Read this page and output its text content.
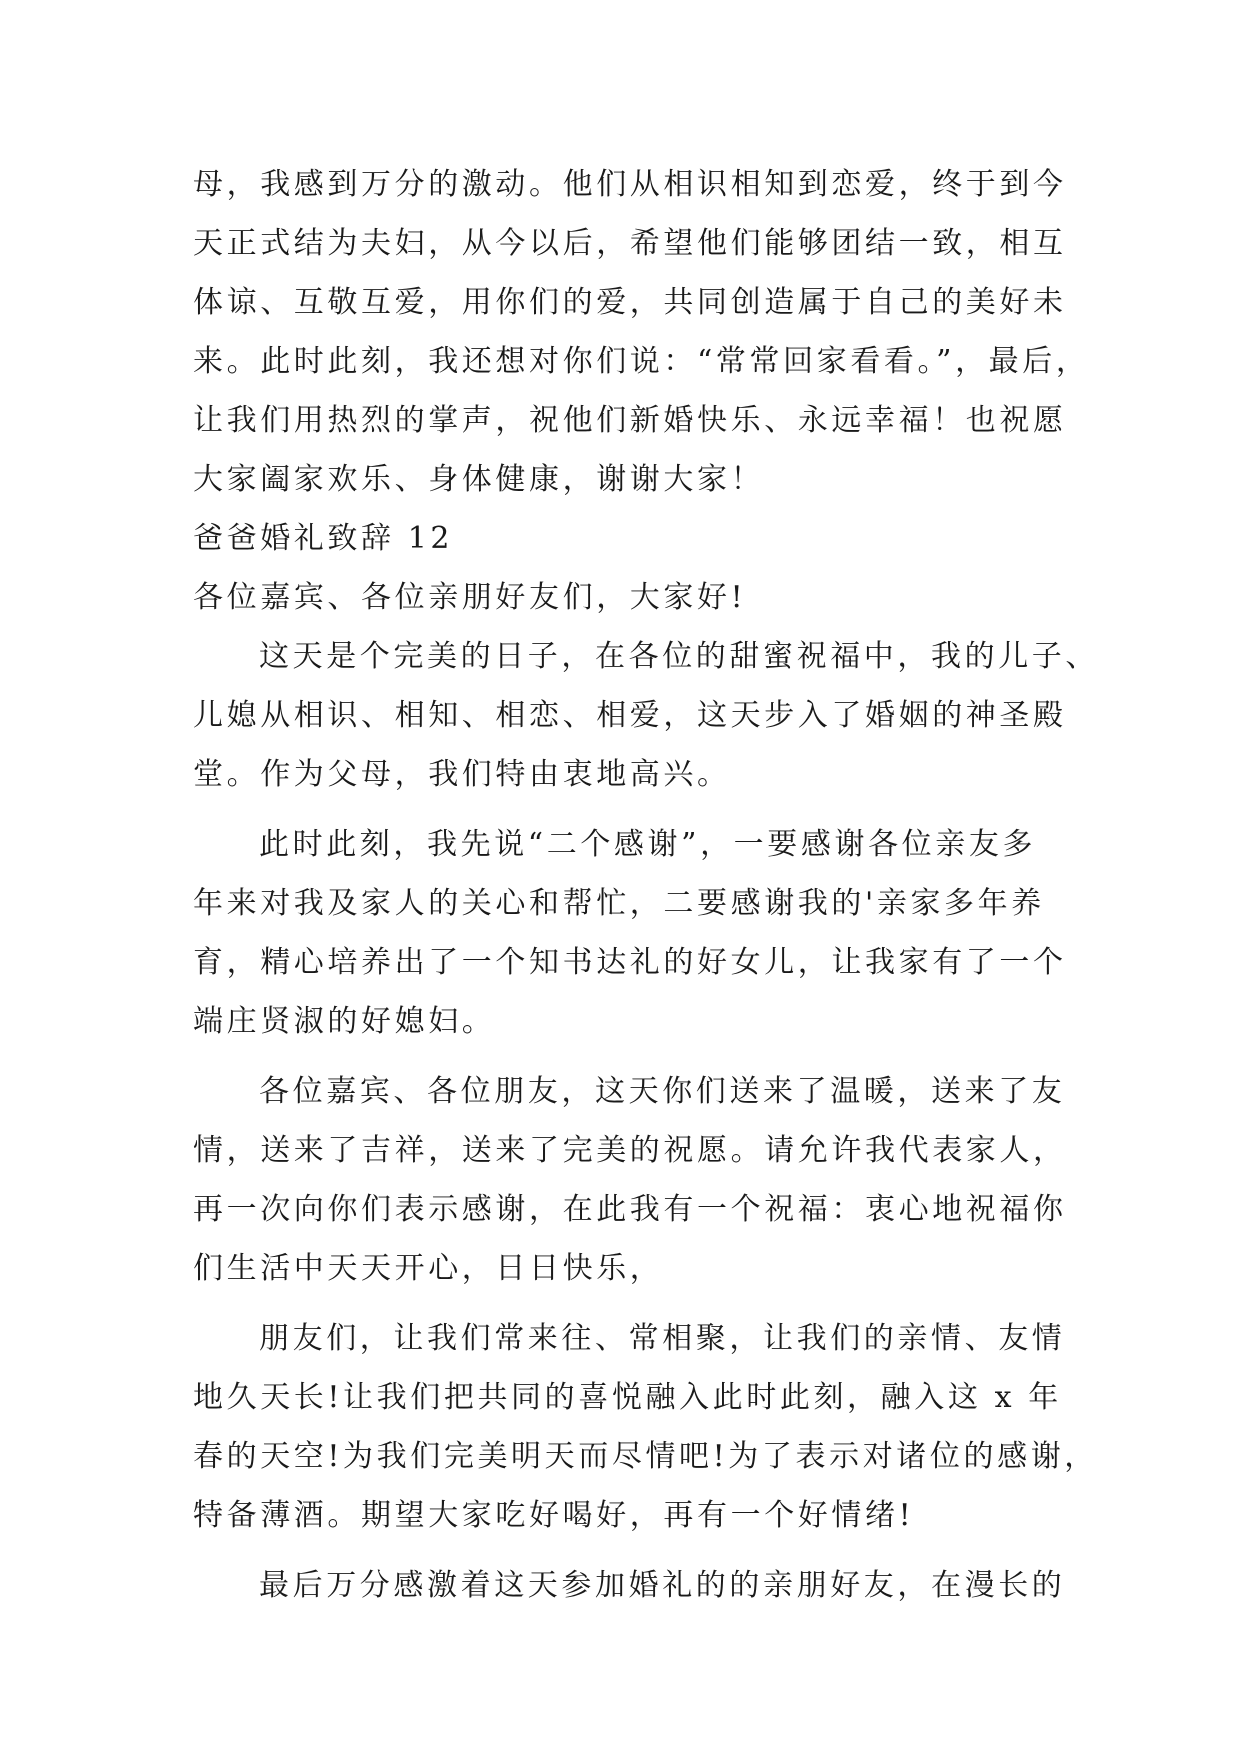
母，我感到万分的激动。他们从相识相知到恋爱，终于到今
天正式结为夫妇，从今以后，希望他们能够团结一致，相互
体谅、互敬互爱，用你们的爱，共同创造属于自己的美好未
来。此时此刻，我还想对你们说：“常常回家看看。”，最后，
让我们用热烈的掌声，祝他们新婚快乐、永远幸福！也祝愿
大家阖家欢乐、身体健康，谢谢大家！
爸爸婚礼致辞 12
各位嘉宾、各位亲朋好友们，大家好!
这天是个完美的日子，在各位的甜蜜祝福中，我的儿子、
儿媳从相识、相知、相恋、相爱，这天步入了婚姻的神圣殿
堂。作为父母，我们特由衷地高兴。
此时此刻，我先说“二个感谢”，一要感谢各位亲友多
年来对我及家人的关心和帮忙，二要感谢我的'亲家多年养
育，精心培养出了一个知书达礼的好女儿，让我家有了一个
端庄贤淑的好媳妇。
各位嘉宾、各位朋友，这天你们送来了温暖，送来了友
情，送来了吉祥，送来了完美的祝愿。请允许我代表家人，
再一次向你们表示感谢，在此我有一个祝福：衷心地祝福你
们生活中天天开心，日日快乐，
朋友们，让我们常来往、常相聚，让我们的亲情、友情
地久天长!让我们把共同的喜悦融入此时此刻，融入这 x 年
春的天空!为我们完美明天而尽情吧!为了表示对诸位的感谢，
特备薄酒。期望大家吃好喝好，再有一个好情绪!
最后万分感激着这天参加婚礼的的亲朋好友，在漫长的
